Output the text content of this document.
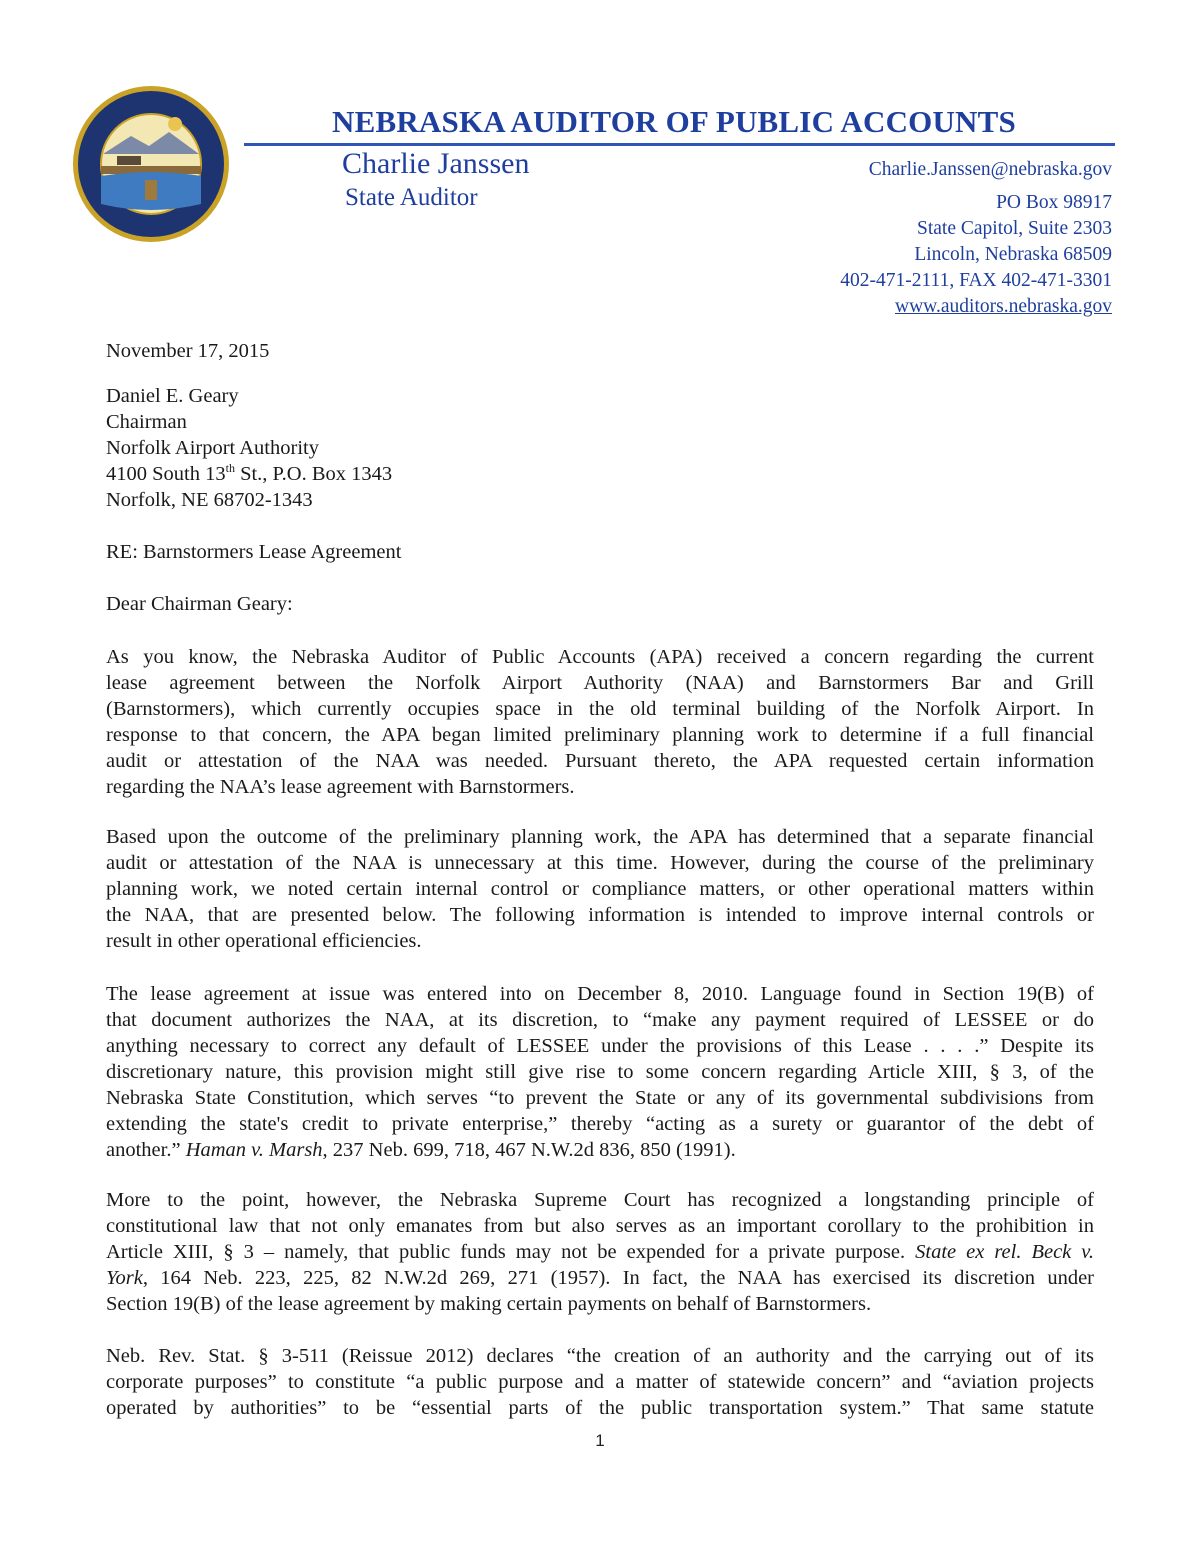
NEBRASKA AUDITOR OF PUBLIC ACCOUNTS
Charlie Janssen
State Auditor
Charlie.Janssen@nebraska.gov
PO Box 98917
State Capitol, Suite 2303
Lincoln, Nebraska 68509
402-471-2111, FAX 402-471-3301
www.auditors.nebraska.gov
November 17, 2015
Daniel E. Geary
Chairman
Norfolk Airport Authority
4100 South 13th St., P.O. Box 1343
Norfolk, NE 68702-1343
RE: Barnstormers Lease Agreement
Dear Chairman Geary:

As you know, the Nebraska Auditor of Public Accounts (APA) received a concern regarding the current
lease agreement between the Norfolk Airport Authority (NAA) and Barnstormers Bar and Grill
(Barnstormers), which currently occupies space in the old terminal building of the Norfolk Airport. In
response to that concern, the APA began limited preliminary planning work to determine if a full financial
audit or attestation of the NAA was needed. Pursuant thereto, the APA requested certain information
regarding the NAA’s lease agreement with Barnstormers.

Based upon the outcome of the preliminary planning work, the APA has determined that a separate financial
audit or attestation of the NAA is unnecessary at this time. However, during the course of the preliminary
planning work, we noted certain internal control or compliance matters, or other operational matters within
the NAA, that are presented below. The following information is intended to improve internal controls or
result in other operational efficiencies.

The lease agreement at issue was entered into on December 8, 2010. Language found in Section 19(B) of
that document authorizes the NAA, at its discretion, to “make any payment required of LESSEE or do
anything necessary to correct any default of LESSEE under the provisions of this Lease . . . .” Despite its
discretionary nature, this provision might still give rise to some concern regarding Article XIII, § 3, of the
Nebraska State Constitution, which serves “to prevent the State or any of its governmental subdivisions from
extending the state's credit to private enterprise,” thereby “acting as a surety or guarantor of the debt of
another.” Haman v. Marsh, 237 Neb. 699, 718, 467 N.W.2d 836, 850 (1991).

More to the point, however, the Nebraska Supreme Court has recognized a longstanding principle of
constitutional law that not only emanates from but also serves as an important corollary to the prohibition in
Article XIII, § 3 – namely, that public funds may not be expended for a private purpose. State ex rel. Beck v.
York, 164 Neb. 223, 225, 82 N.W.2d 269, 271 (1957). In fact, the NAA has exercised its discretion under
Section 19(B) of the lease agreement by making certain payments on behalf of Barnstormers.

Neb. Rev. Stat. § 3-511 (Reissue 2012) declares “the creation of an authority and the carrying out of its
corporate purposes” to constitute “a public purpose and a matter of statewide concern” and “aviation projects
operated by authorities” to be “essential parts of the public transportation system.” That same statute

1
